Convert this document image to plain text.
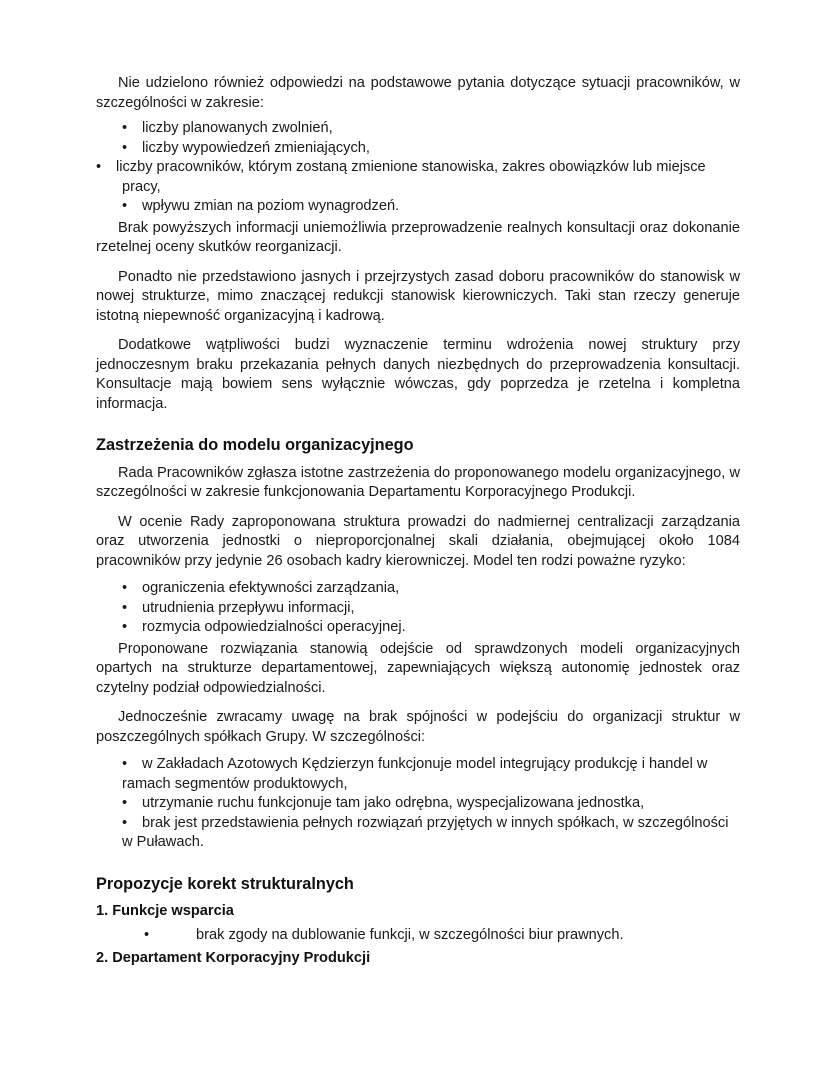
Nie udzielono również odpowiedzi na podstawowe pytania dotyczące sytuacji pracowników, w szczególności w zakresie:

• liczby planowanych zwolnień,
• liczby wypowiedzeń zmieniających,
• liczby pracowników, którym zostaną zmienione stanowiska, zakres obowiązków lub miejsce pracy,
• wpływu zmian na poziom wynagrodzeń.

Brak powyższych informacji uniemożliwia przeprowadzenie realnych konsultacji oraz dokonanie rzetelnej oceny skutków reorganizacji.

Ponadto nie przedstawiono jasnych i przejrzystych zasad doboru pracowników do stanowisk w nowej strukturze, mimo znaczącej redukcji stanowisk kierowniczych. Taki stan rzeczy generuje istotną niepewność organizacyjną i kadrową.

Dodatkowe wątpliwości budzi wyznaczenie terminu wdrożenia nowej struktury przy jednoczesnym braku przekazania pełnych danych niezbędnych do przeprowadzenia konsultacji. Konsultacje mają bowiem sens wyłącznie wówczas, gdy poprzedza je rzetelna i kompletna informacja.

Zastrzeżenia do modelu organizacyjnego

Rada Pracowników zgłasza istotne zastrzeżenia do proponowanego modelu organizacyjnego, w szczególności w zakresie funkcjonowania Departamentu Korporacyjnego Produkcji.

W ocenie Rady zaproponowana struktura prowadzi do nadmiernej centralizacji zarządzania oraz utworzenia jednostki o nieproporcjonalnej skali działania, obejmującej około 1084 pracowników przy jedynie 26 osobach kadry kierowniczej. Model ten rodzi poważne ryzyko:

• ograniczenia efektywności zarządzania,
• utrudnienia przepływu informacji,
• rozmycia odpowiedzialności operacyjnej.

Proponowane rozwiązania stanowią odejście od sprawdzonych modeli organizacyjnych opartych na strukturze departamentowej, zapewniających większą autonomię jednostek oraz czytelny podział odpowiedzialności.

Jednocześnie zwracamy uwagę na brak spójności w podejściu do organizacji struktur w poszczególnych spółkach Grupy. W szczególności:

• w Zakładach Azotowych Kędzierzyn funkcjonuje model integrujący produkcję i handel w ramach segmentów produktowych,
• utrzymanie ruchu funkcjonuje tam jako odrębna, wyspecjalizowana jednostka,
• brak jest przedstawienia pełnych rozwiązań przyjętych w innych spółkach, w szczególności w Puławach.
Propozycje korekt strukturalnych
1. Funkcje wsparcia
•	brak zgody na dublowanie funkcji, w szczególności biur prawnych.
2. Departament Korporacyjny Produkcji
